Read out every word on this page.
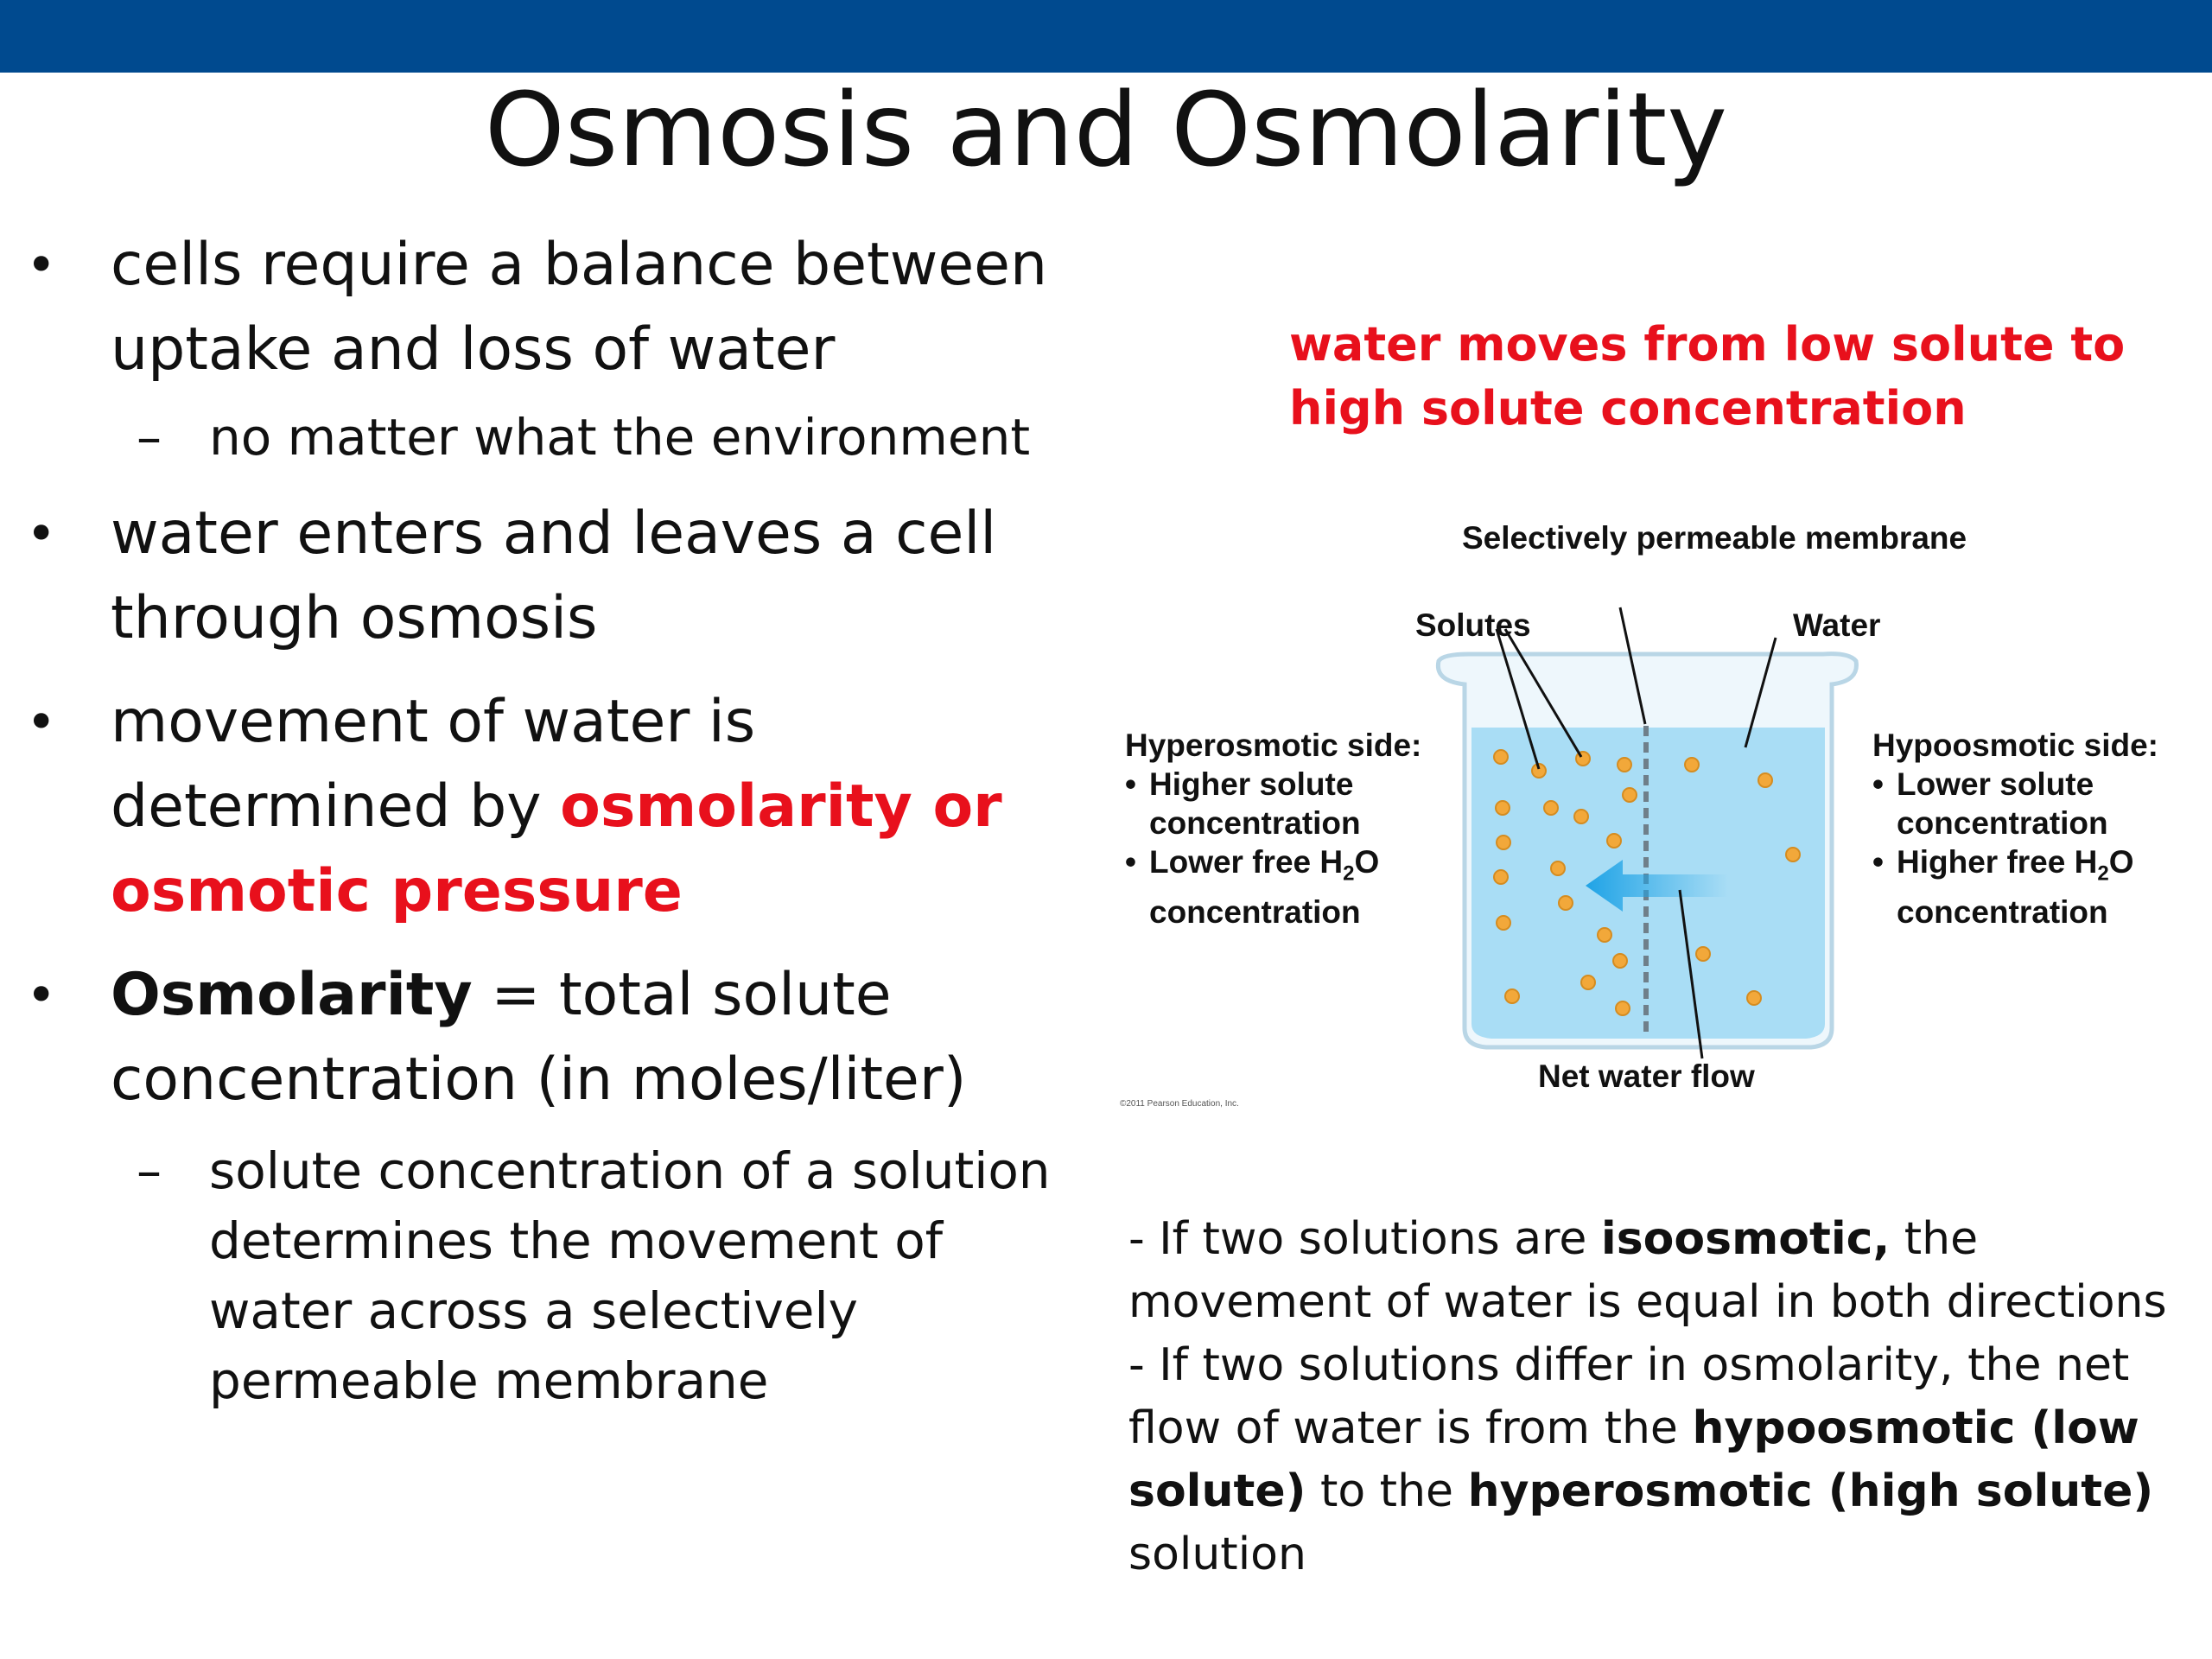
Osmosis and Osmolarity
• cells require a balance between uptake and loss of water
– no matter what the environment
• water enters and leaves a cell through osmosis
• movement of water is determined by osmolarity or osmotic pressure
• Osmolarity = total solute concentration (in moles/liter)
– solute concentration of a solution determines the movement of water across a selectively permeable membrane
water moves from low solute to high solute concentration
Selectively permeable membrane
Solutes	Water
Net water flow
Hyperosmotic side:
• Higher solute concentration
• Lower free $H_2O$ concentration
Hypoosmotic side:
• Lower solute concentration
• Higher free $H_2O$ concentration
©2011 Pearson Education, Inc.
- If two solutions are isoosmotic, the movement of water is equal in both directions
- If two solutions differ in osmolarity, the net flow of water is from the hypoosmotic (low solute) to the hyperosmotic (high solute) solution
